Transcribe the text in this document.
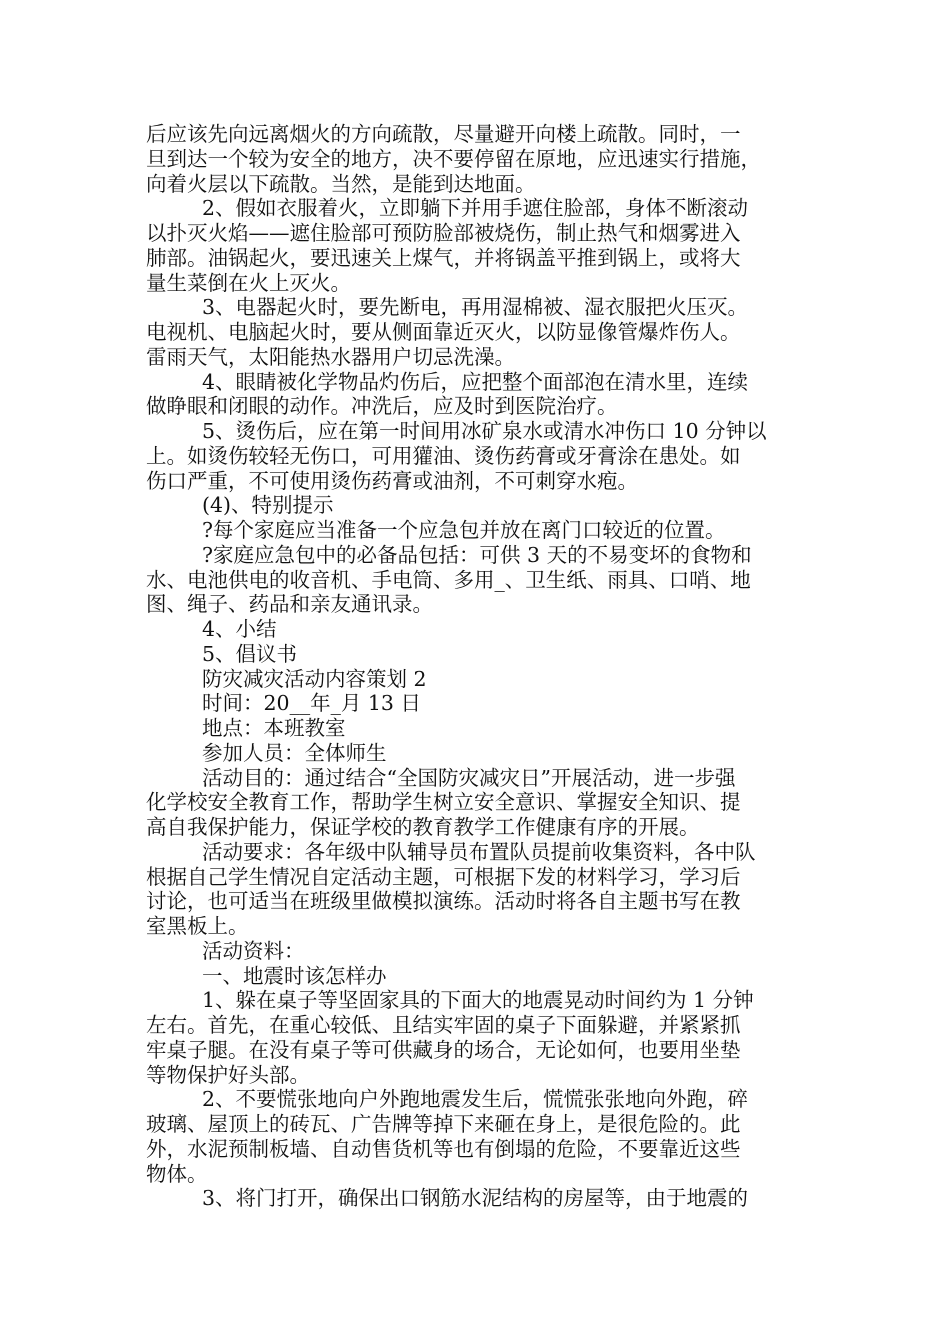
后应该先向远离烟火的方向疏散，尽量避开向楼上疏散。同时，一
旦到达一个较为安全的地方，决不要停留在原地，应迅速实行措施，
向着火层以下疏散。当然，是能到达地面。
2、假如衣服着火，立即躺下并用手遮住脸部，身体不断滚动
以扑灭火焰——遮住脸部可预防脸部被烧伤，制止热气和烟雾进入
肺部。油锅起火，要迅速关上煤气，并将锅盖平推到锅上，或将大
量生菜倒在火上灭火。
3、电器起火时，要先断电，再用湿棉被、湿衣服把火压灭。
电视机、电脑起火时，要从侧面靠近灭火，以防显像管爆炸伤人。
雷雨天气，太阳能热水器用户切忌洗澡。
4、眼睛被化学物品灼伤后，应把整个面部泡在清水里，连续
做睁眼和闭眼的动作。冲洗后，应及时到医院治疗。
5、烫伤后，应在第一时间用冰矿泉水或清水冲伤口 10 分钟以
上。如烫伤较轻无伤口，可用獾油、烫伤药膏或牙膏涂在患处。如
伤口严重，不可使用烫伤药膏或油剂，不可刺穿水疱。
(4)、特别提示
?每个家庭应当准备一个应急包并放在离门口较近的位置。
?家庭应急包中的必备品包括：可供 3 天的不易变坏的食物和
水、电池供电的收音机、手电筒、多用_、卫生纸、雨具、口哨、地
图、绳子、药品和亲友通讯录。
4、小结
5、倡议书
防灾减灾活动内容策划 2
时间：20__年_月 13 日
地点：本班教室
参加人员：全体师生
活动目的：通过结合“全国防灾减灾日”开展活动，进一步强
化学校安全教育工作，帮助学生树立安全意识、掌握安全知识、提
高自我保护能力，保证学校的教育教学工作健康有序的开展。
活动要求：各年级中队辅导员布置队员提前收集资料，各中队
根据自己学生情况自定活动主题，可根据下发的材料学习，学习后
讨论，也可适当在班级里做模拟演练。活动时将各自主题书写在教
室黑板上。
活动资料：
一、地震时该怎样办
1、躲在桌子等坚固家具的下面大的地震晃动时间约为 1 分钟
左右。首先，在重心较低、且结实牢固的桌子下面躲避，并紧紧抓
牢桌子腿。在没有桌子等可供藏身的场合，无论如何，也要用坐垫
等物保护好头部。
2、不要慌张地向户外跑地震发生后，慌慌张张地向外跑，碎
玻璃、屋顶上的砖瓦、广告牌等掉下来砸在身上，是很危险的。此
外，水泥预制板墙、自动售货机等也有倒塌的危险，不要靠近这些
物体。
3、将门打开，确保出口钢筋水泥结构的房屋等，由于地震的
